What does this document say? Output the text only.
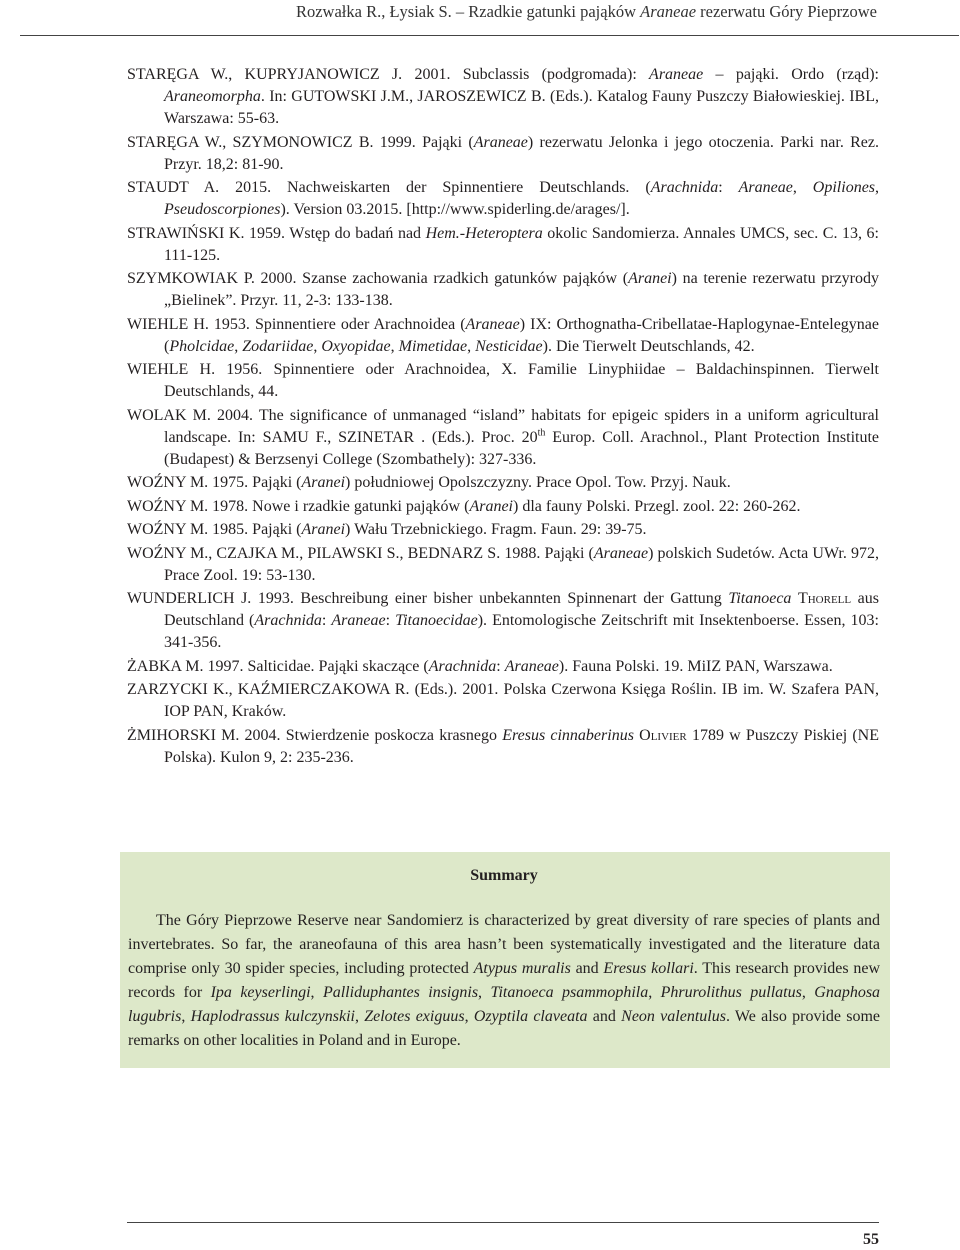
Rozwałka R., Łysiak S. – Rzadkie gatunki pająków Araneae rezerwatu Góry Pieprzowe
STARĘGA W., KUPRYJANOWICZ J. 2001. Subclassis (podgromada): Araneae – pająki. Ordo (rząd): Araneomorpha. In: GUTOWSKI J.M., JAROSZEWICZ B. (Eds.). Katalog Fauny Puszczy Białowieskiej. IBL, Warszawa: 55-63.
STARĘGA W., SZYMONOWICZ B. 1999. Pająki (Araneae) rezerwatu Jelonka i jego otoczenia. Parki nar. Rez. Przyr. 18,2: 81-90.
STAUDT A. 2015. Nachweiskarten der Spinnentiere Deutschlands. (Arachnida: Araneae, Opiliones, Pseudoscorpiones). Version 03.2015. [http://www.spiderling.de/arages/].
STRAWIŃSKI K. 1959. Wstęp do badań nad Hem.-Heteroptera okolic Sandomierza. Annales UMCS, sec. C. 13, 6: 111-125.
SZYMKOWIAK P. 2000. Szanse zachowania rzadkich gatunków pająków (Aranei) na terenie rezerwatu przyrody „Bielinek”. Przyr. 11, 2-3: 133-138.
WIEHLE H. 1953. Spinnentiere oder Arachnoidea (Araneae) IX: Orthognatha-Cribellatae-Haplogynae-Entelegynae (Pholcidae, Zodariidae, Oxyopidae, Mimetidae, Nesticidae). Die Tierwelt Deutschlands, 42.
WIEHLE H. 1956. Spinnentiere oder Arachnoidea, X. Familie Linyphiidae – Baldachinspinnen. Tierwelt Deutschlands, 44.
WOLAK M. 2004. The significance of unmanaged “island” habitats for epigeic spiders in a uniform agricultural landscape. In: SAMU F., SZINETAR . (Eds.). Proc. 20th Europ. Coll. Arachnol., Plant Protection Institute (Budapest) & Berzsenyi College (Szombathely): 327-336.
WOŹNY M. 1975. Pająki (Aranei) południowej Opolszczyzny. Prace Opol. Tow. Przyj. Nauk.
WOŹNY M. 1978. Nowe i rzadkie gatunki pająków (Aranei) dla fauny Polski. Przegl. zool. 22: 260-262.
WOŹNY M. 1985. Pająki (Aranei) Wału Trzebnickiego. Fragm. Faun. 29: 39-75.
WOŹNY M., CZAJKA M., PILAWSKI S., BEDNARZ S. 1988. Pająki (Araneae) polskich Sudetów. Acta UWr. 972, Prace Zool. 19: 53-130.
WUNDERLICH J. 1993. Beschreibung einer bisher unbekannten Spinnenart der Gattung Titanoeca Thorell aus Deutschland (Arachnida: Araneae: Titanoecidae). Entomologische Zeitschrift mit Insektenboerse. Essen, 103: 341-356.
ŻABKA M. 1997. Salticidae. Pająki skaczące (Arachnida: Araneae). Fauna Polski. 19. MiIZ PAN, Warszawa.
ZARZYCKI K., KAŹMIERCZAKOWA R. (Eds.). 2001. Polska Czerwona Księga Roślin. IB im. W. Szafera PAN, IOP PAN, Kraków.
ŻMIHORSKI M. 2004. Stwierdzenie poskocza krasnego Eresus cinnaberinus Olivier 1789 w Puszczy Piskiej (NE Polska). Kulon 9, 2: 235-236.
Summary
The Góry Pieprzowe Reserve near Sandomierz is characterized by great diversity of rare species of plants and invertebrates. So far, the araneofauna of this area hasn’t been systematically investigated and the literature data comprise only 30 spider species, including protected Atypus muralis and Eresus kollari. This research provides new records for Ipa keyserlingi, Palliduphantes insignis, Titanoeca psammophila, Phrurolithus pullatus, Gnaphosa lugubris, Haplodrassus kulczynskii, Zelotes exiguus, Ozyptila claveata and Neon valentulus. We also provide some remarks on other localities in Poland and in Europe.
55
